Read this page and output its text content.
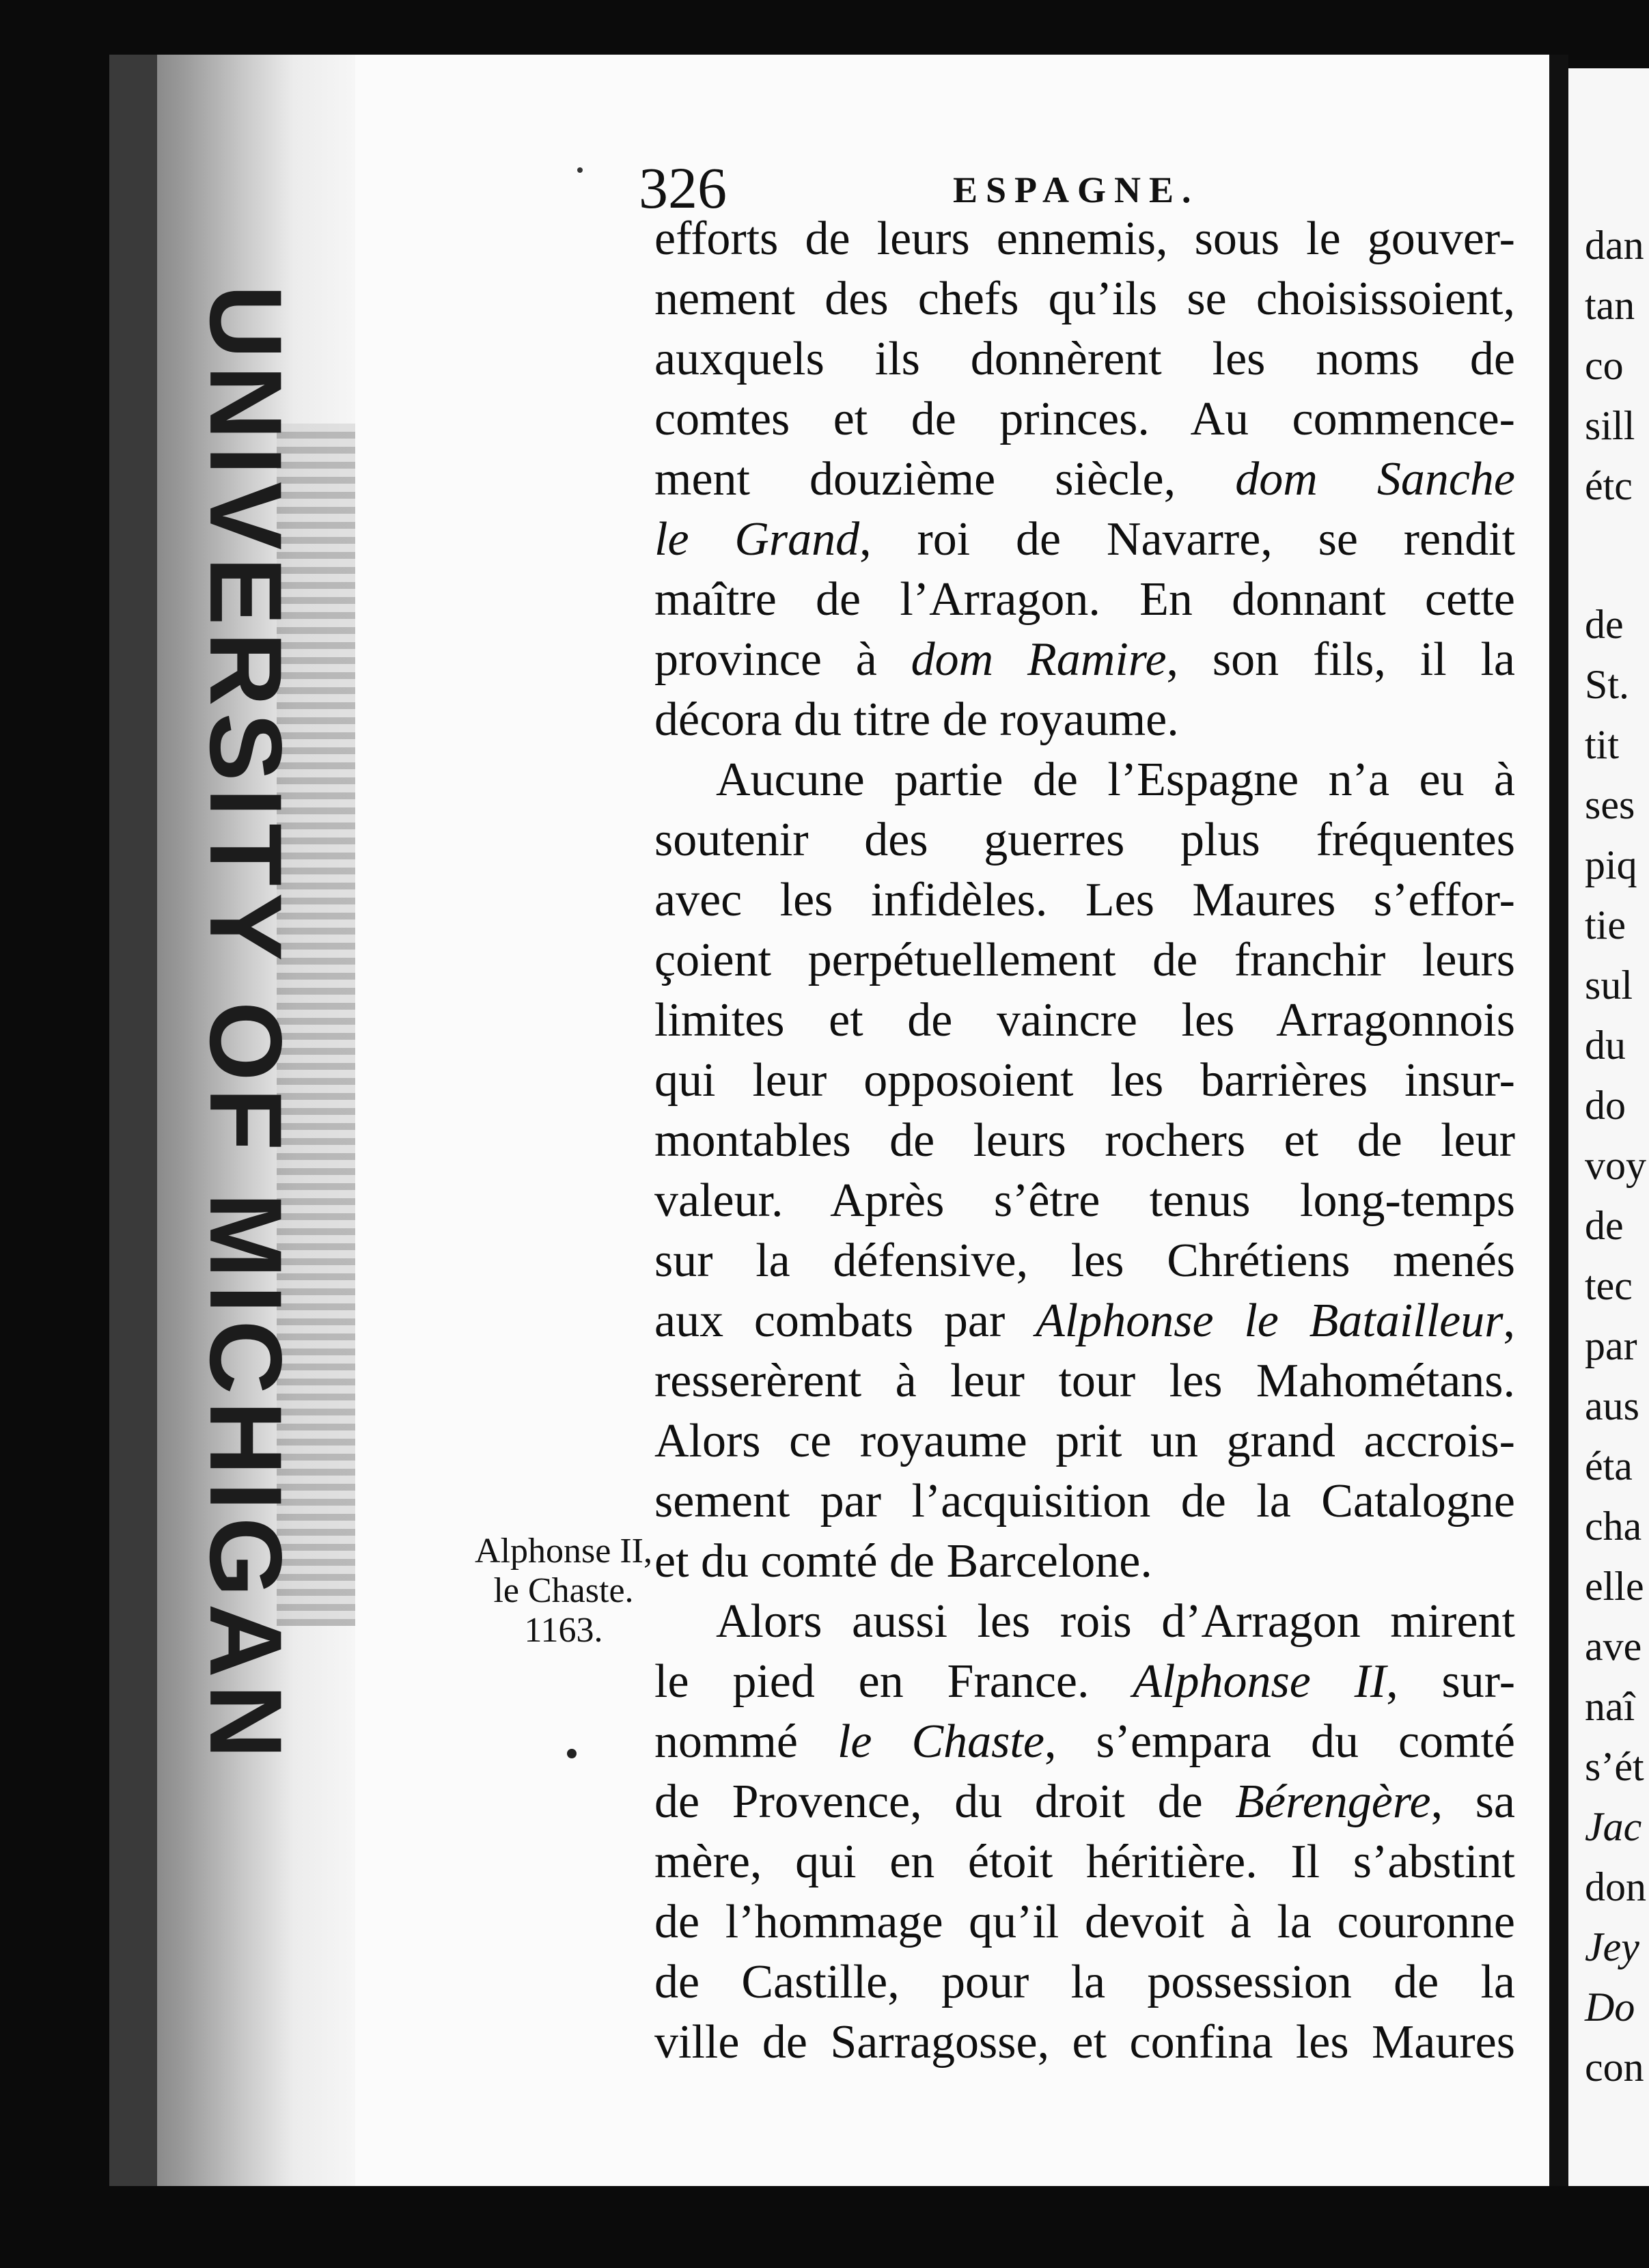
UNIVERSITY OF MICHIGAN
dan
tan
co
sill
étc
de
St.
tit
ses
piq
tie
sul
du
do
voy
de
tec
par
aus
éta
cha
elle
ave
naî
s’ét
Jac
don
Jey
Do
con
326	ESPAGNE.
efforts de leurs ennemis, sous le gouver-
nement des chefs qu’ils se choisissoient,
auxquels ils donnèrent les noms de
comtes et de princes. Au commence-
ment douzième siècle, dom Sanche
le Grand, roi de Navarre, se rendit
maître de l’Arragon. En donnant cette
province à dom Ramire, son fils, il la
décora du titre de royaume.
Aucune partie de l’Espagne n’a eu à
soutenir des guerres plus fréquentes
avec les infidèles. Les Maures s’effor-
çoient perpétuellement de franchir leurs
limites et de vaincre les Arragonnois
qui leur opposoient les barrières insur-
montables de leurs rochers et de leur
valeur. Après s’être tenus long-temps
sur la défensive, les Chrétiens menés
aux combats par Alphonse le Batailleur,
resserèrent à leur tour les Mahométans.
Alors ce royaume prit un grand accrois-
sement par l’acquisition de la Catalogne
et du comté de Barcelone.
Alors aussi les rois d’Arragon mirent
le pied en France. Alphonse II, sur-
nommé le Chaste, s’empara du comté
de Provence, du droit de Bérengère, sa
mère, qui en étoit héritière. Il s’abstint
de l’hommage qu’il devoit à la couronne
de Castille, pour la possession de la
ville de Sarragosse, et confina les Maures
Alphonse II,
le Chaste.
1163.
